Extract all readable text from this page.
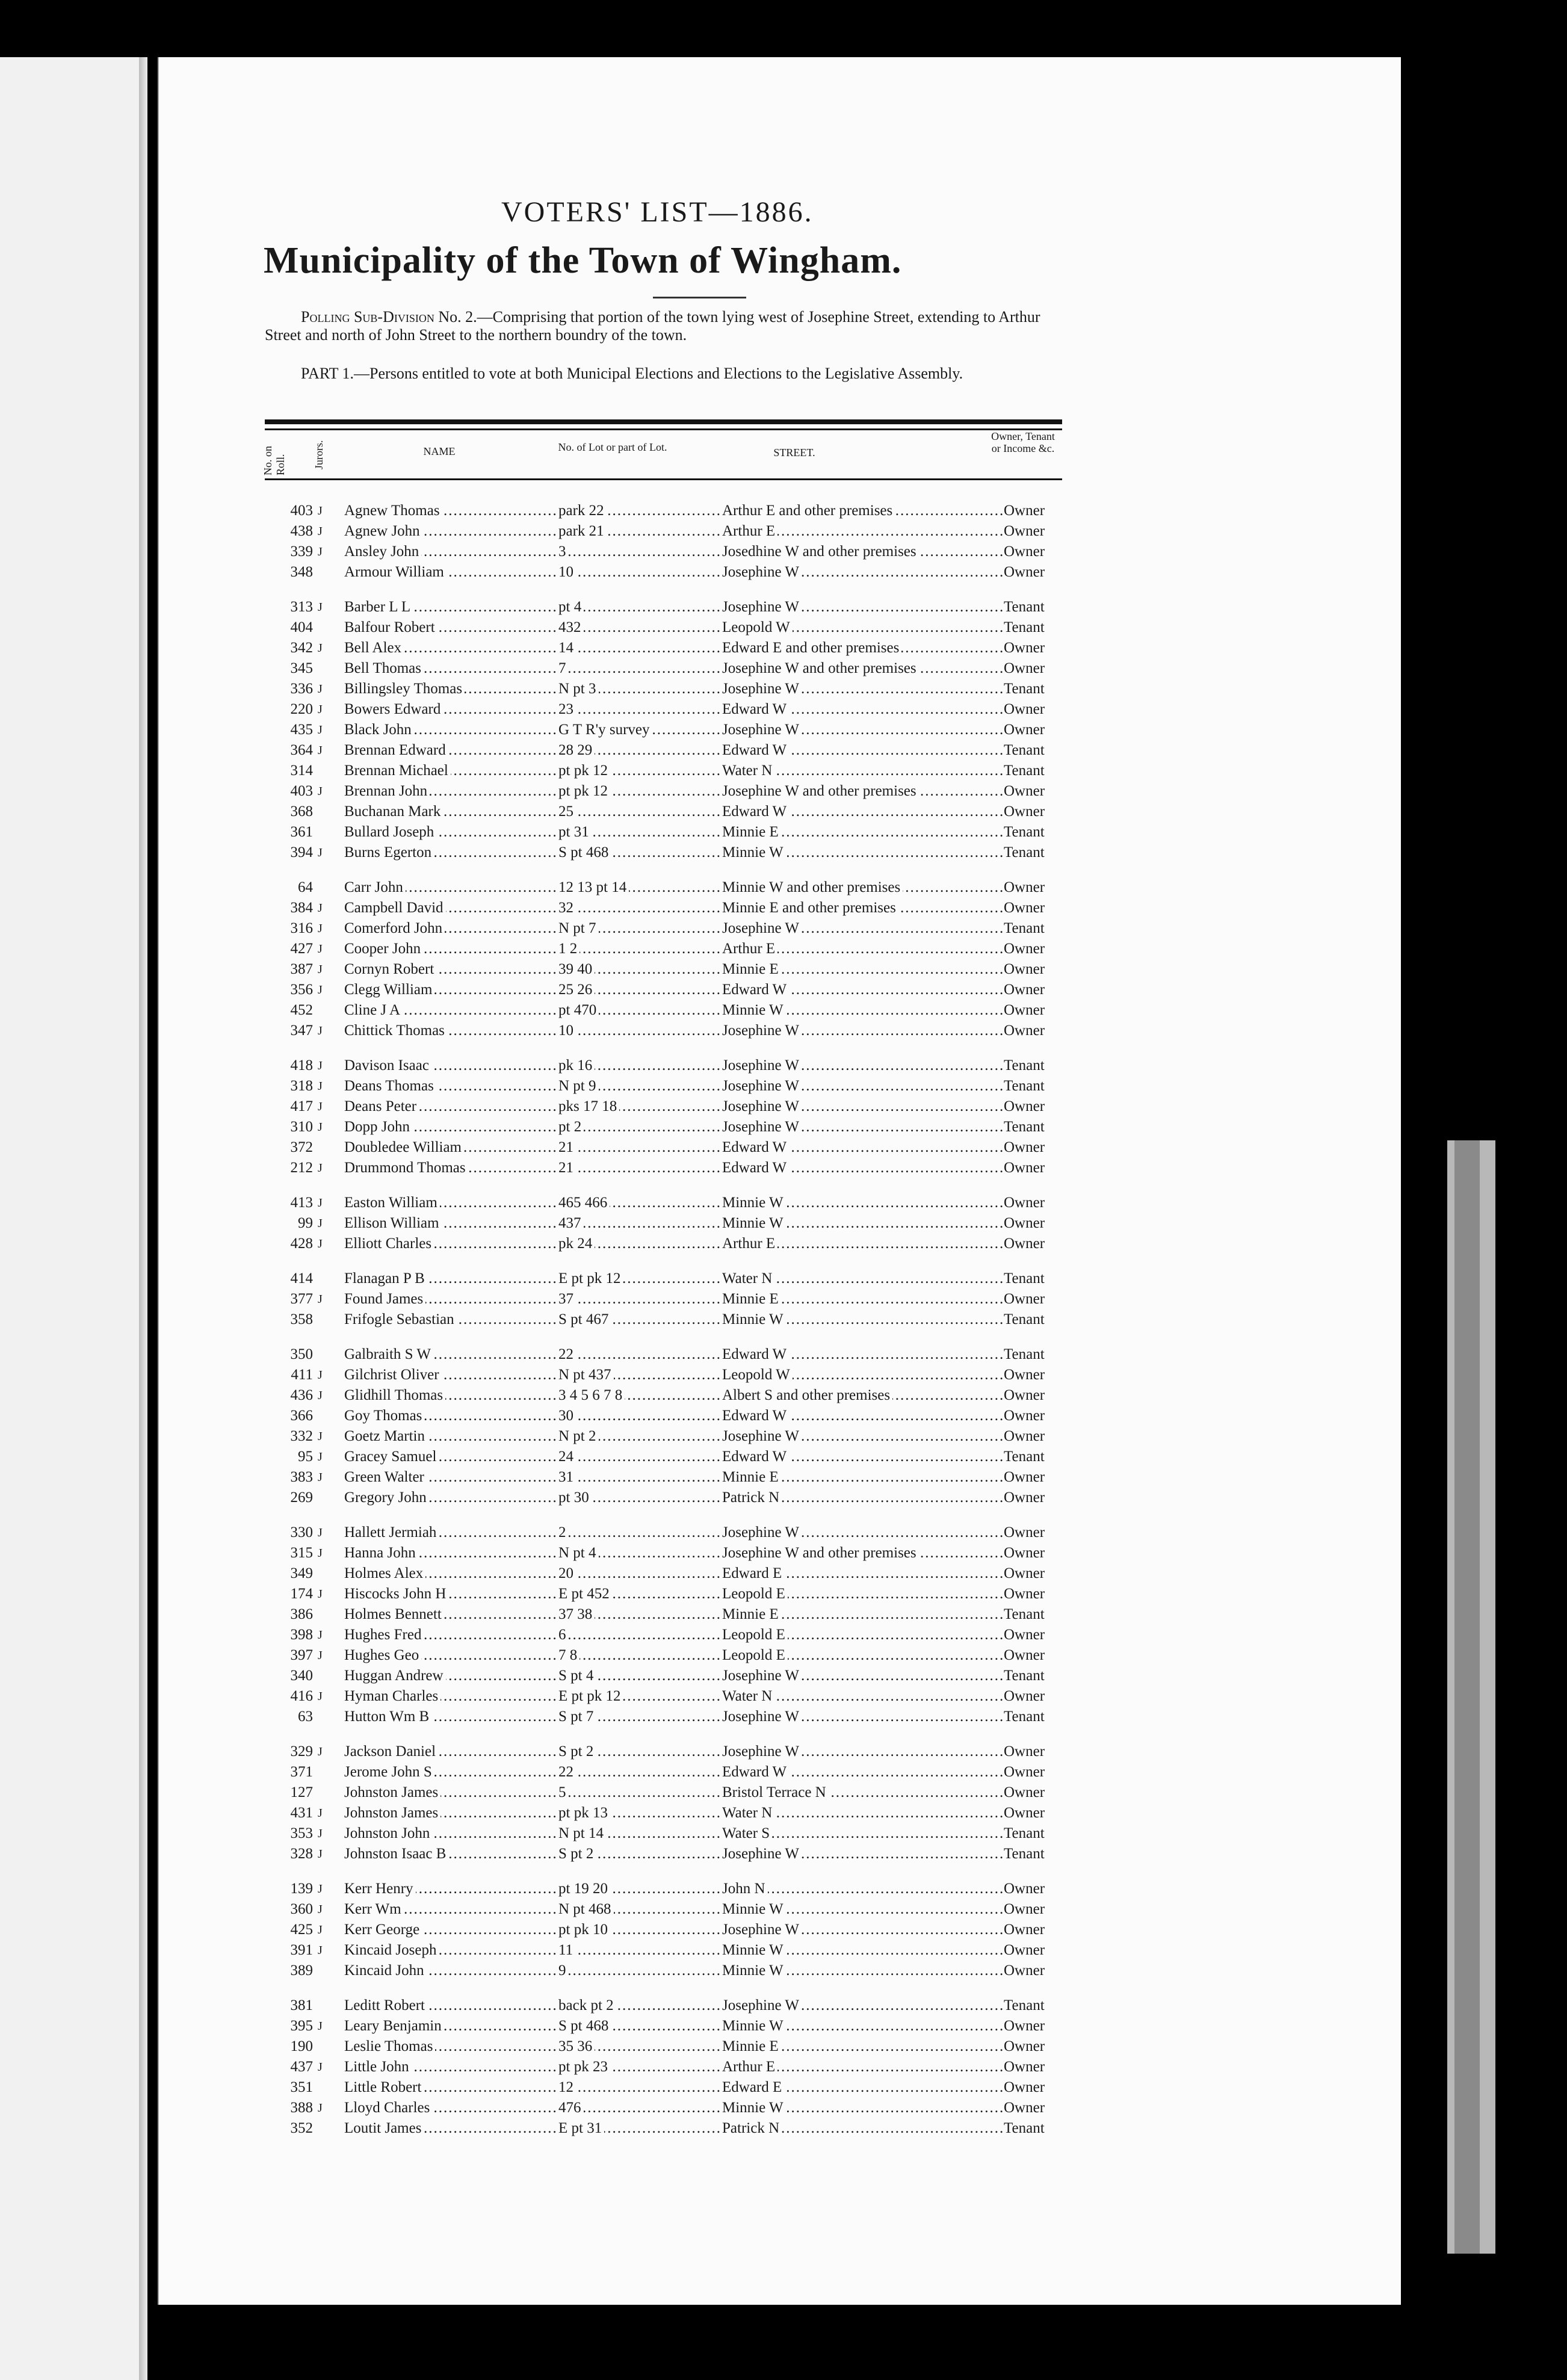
VOTERS' LIST—1886.
Municipality of the Town of Wingham.
Polling Sub-Division No. 2.—Comprising that portion of the town lying west of Josephine Street, extending to Arthur Street and north of John Street to the northern boundry of the town.
PART 1.—Persons entitled to vote at both Municipal Elections and Elections to the Legislative Assembly.
No. on Roll. Jurors.	NAME	No. of Lot or part of Lot.	STREET.
Owner, Tenant or Income &c.
403 J .....	Agnew Thomas	park 22	Arthur E and other premises	Owner
438 J .....	Agnew John	park 21	Arthur E	Owner
339 J .....	Ansley John	3	Josedhine W and other premises	Owner
348 ..... Armour William	10	Josephine W	Owner
313 J .....	Barber L L	pt 4	Josephine W	Tenant
404 ..... Balfour Robert	432	Leopold W	Tenant
342 J .....	Bell Alex	14	Edward E and other premises	Owner
345 ..... Bell Thomas	7	Josephine W and other premises	Owner
336 J .....	Billingsley Thomas	N pt 3	Josephine W	Tenant
220 J .....	Bowers Edward	23	Edward W	Owner
435 J .....	Black John	G T R'y survey	Josephine W	Owner
364 J .....	Brennan Edward	28 29	Edward W	Tenant
314 ..... Brennan Michael	pt pk 12	Water N	Tenant
403 J .....	Brennan John	pt pk 12	Josephine W and other premises	Owner
368 ..... Buchanan Mark	25	Edward W	Owner
361 ..... Bullard Joseph	pt 31	Minnie E	Tenant
394 J .....	Burns Egerton	S pt 468	Minnie W	Tenant
64 ..... Carr John	12 13 pt 14	Minnie W and other premises	Owner
384 J .....	Campbell David	32	Minnie E and other premises	Owner
316 J .....	Comerford John	N pt 7	Josephine W	Tenant
427 J .....	Cooper John	1 2	Arthur E	Owner
387 J .....	Cornyn Robert	39 40	Minnie E	Owner
356 J .....	Clegg William	25 26	Edward W	Owner
452 ..... Cline J A	pt 470	Minnie W	Owner
347 J .....	Chittick Thomas	10	Josephine W	Owner
418 J .....	Davison Isaac	pk 16	Josephine W	Tenant
318 J .....	Deans Thomas	N pt 9	Josephine W	Tenant
417 J .....	Deans Peter	pks 17 18	Josephine W	Owner
310 J .....	Dopp John	pt 2	Josephine W	Tenant
372 ..... Doubledee William	21	Edward W	Owner
212 J .....	Drummond Thomas	21	Edward W	Owner
413 J .....	Easton William	465 466	Minnie W	Owner
99 J .....	Ellison William	437	Minnie W	Owner
428 J .....	Elliott Charles	pk 24	Arthur E	Owner
414 ..... Flanagan P B	E pt pk 12	Water N	Tenant
377 J .....	Found James	37	Minnie E	Owner
358 ..... Frifogle Sebastian	S pt 467	Minnie W	Tenant
350 ..... Galbraith S W	22	Edward W	Tenant
411 J .....	Gilchrist Oliver	N pt 437	Leopold W	Owner
436 J .....	Glidhill Thomas	3 4 5 6 7 8	Albert S and other premises	Owner
366 ..... Goy Thomas	30	Edward W	Owner
332 J .....	Goetz Martin	N pt 2	Josephine W	Owner
95 J .....	Gracey Samuel	24	Edward W	Tenant
383 J .....	Green Walter	31	Minnie E	Owner
269 ..... Gregory John	pt 30	Patrick N	Owner
330 J .....	Hallett Jermiah	2	Josephine W	Owner
315 J .....	Hanna John	N pt 4	Josephine W and other premises	Owner
349 ..... Holmes Alex	20	Edward E	Owner
174 J .....	Hiscocks John H	E pt 452	Leopold E	Owner
386 ..... Holmes Bennett	37 38	Minnie E	Tenant
398 J .....	Hughes Fred	6	Leopold E	Owner
397 J .....	Hughes Geo	7 8	Leopold E	Owner
340 ..... Huggan Andrew	S pt 4	Josephine W	Tenant
416 J .....	Hyman Charles	E pt pk 12	Water N	Owner
63 ..... Hutton Wm B	S pt 7	Josephine W	Tenant
329 J .....	Jackson Daniel	S pt 2	Josephine W	Owner
371 ..... Jerome John S	22	Edward W	Owner
127 ..... Johnston James	5	Bristol Terrace N	Owner
431 J .....	Johnston James	pt pk 13	Water N	Owner
353 J .....	Johnston John	N pt 14	Water S	Tenant
328 J .....	Johnston Isaac B	S pt 2	Josephine W	Tenant
139 J .....	Kerr Henry	pt 19 20	John N	Owner
360 J .....	Kerr Wm	N pt 468	Minnie W	Owner
425 J .....	Kerr George	pt pk 10	Josephine W	Owner
391 J .....	Kincaid Joseph	11	Minnie W	Owner
389 ..... Kincaid John	9	Minnie W	Owner
381 ..... Leditt Robert	back pt 2	Josephine W	Tenant
395 J .....	Leary Benjamin	S pt 468	Minnie W	Owner
190 ..... Leslie Thomas	35 36	Minnie E	Owner
437 J .....	Little John	pt pk 23	Arthur E	Owner
351 ..... Little Robert	12	Edward E	Owner
388 J .....	Lloyd Charles	476	Minnie W	Owner
352 ..... Loutit James	E pt 31	Patrick N	Tenant
